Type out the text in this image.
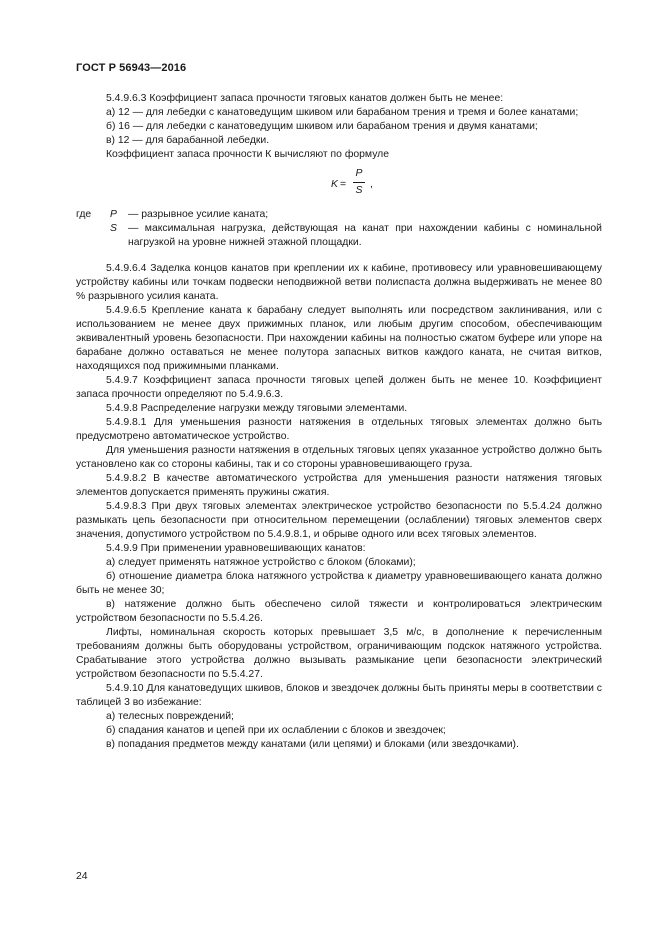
ГОСТ Р 56943—2016

5.4.9.6.3 Коэффициент запаса прочности тяговых канатов должен быть не менее:

а) 12 — для лебедки с канатоведущим шкивом или барабаном трения и тремя и более канатами;

б) 16 — для лебедки с канатоведущим шкивом или барабаном трения и двумя канатами;

в) 12 — для барабанной лебедки.

Коэффициент запаса прочности К вычисляют по формуле

K =
P
S
,
где	P	— разрывное усилие каната;
S	— максимальная нагрузка, действующая на канат при нахождении кабины с номинальной нагрузкой на уровне нижней этажной площадки.

5.4.9.6.4 Заделка концов канатов при креплении их к кабине, противовесу или уравновешивающему устройству кабины или точкам подвески неподвижной ветви полиспаста должна выдерживать не менее 80 % разрывного усилия каната.

5.4.9.6.5 Крепление каната к барабану следует выполнять или посредством заклинивания, или с использованием не менее двух прижимных планок, или любым другим способом, обеспечивающим эквивалентный уровень безопасности. При нахождении кабины на полностью сжатом буфере или упоре на барабане должно оставаться не менее полутора запасных витков каждого каната, не считая витков, находящихся под прижимными планками.

5.4.9.7 Коэффициент запаса прочности тяговых цепей должен быть не менее 10. Коэффициент запаса прочности определяют по 5.4.9.6.3.

5.4.9.8 Распределение нагрузки между тяговыми элементами.

5.4.9.8.1 Для уменьшения разности натяжения в отдельных тяговых элементах должно быть предусмотрено автоматическое устройство.

Для уменьшения разности натяжения в отдельных тяговых цепях указанное устройство должно быть установлено как со стороны кабины, так и со стороны уравновешивающего груза.

5.4.9.8.2 В качестве автоматического устройства для уменьшения разности натяжения тяговых элементов допускается применять пружины сжатия.

5.4.9.8.3 При двух тяговых элементах электрическое устройство безопасности по 5.5.4.24 должно размыкать цепь безопасности при относительном перемещении (ослаблении) тяговых элементов сверх значения, допустимого устройством по 5.4.9.8.1, и обрыве одного или всех тяговых элементов.

5.4.9.9 При применении уравновешивающих канатов:

а) следует применять натяжное устройство с блоком (блоками);

б) отношение диаметра блока натяжного устройства к диаметру уравновешивающего каната должно быть не менее 30;

в) натяжение должно быть обеспечено силой тяжести и контролироваться электрическим устройством безопасности по 5.5.4.26.

Лифты, номинальная скорость которых превышает 3,5 м/с, в дополнение к перечисленным требованиям должны быть оборудованы устройством, ограничивающим подскок натяжного устройства. Срабатывание этого устройства должно вызывать размыкание цепи безопасности электрический устройством безопасности по 5.5.4.27.

5.4.9.10 Для канатоведущих шкивов, блоков и звездочек должны быть приняты меры в соответствии с таблицей 3 во избежание:

а) телесных повреждений;

б) спадания канатов и цепей при их ослаблении с блоков и звездочек;

в) попадания предметов между канатами (или цепями) и блоками (или звездочками).

24
